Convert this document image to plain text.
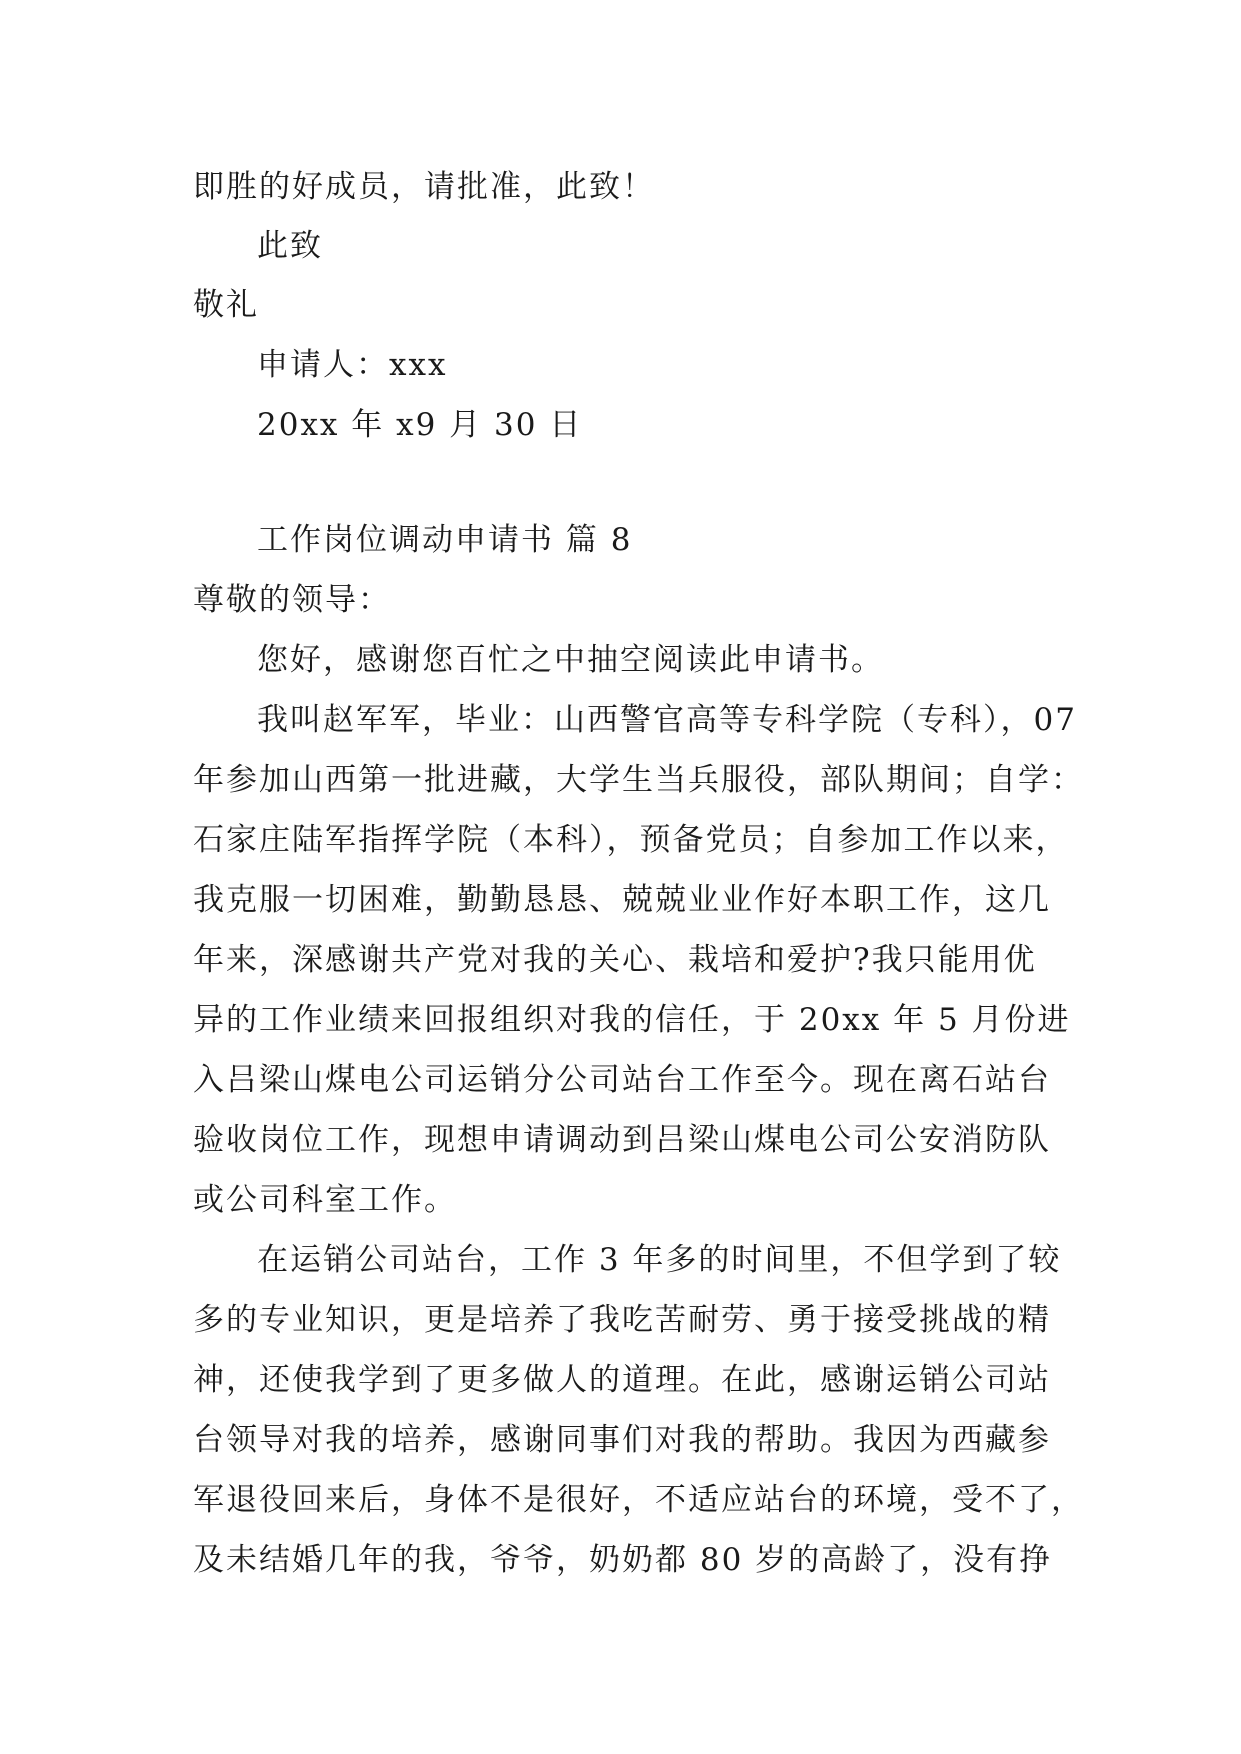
即胜的好成员，请批准，此致！
此致
敬礼
申请人：xxx
20xx 年 x9 月 30 日
工作岗位调动申请书 篇 8
尊敬的领导：
您好，感谢您百忙之中抽空阅读此申请书。
我叫赵军军，毕业：山西警官高等专科学院（专科），07
年参加山西第一批进藏，大学生当兵服役，部队期间；自学：
石家庄陆军指挥学院（本科），预备党员；自参加工作以来，
我克服一切困难，勤勤恳恳、兢兢业业作好本职工作，这几
年来，深感谢共产党对我的关心、栽培和爱护?我只能用优
异的工作业绩来回报组织对我的信任，于 20xx 年 5 月份进
入吕梁山煤电公司运销分公司站台工作至今。现在离石站台
验收岗位工作，现想申请调动到吕梁山煤电公司公安消防队
或公司科室工作。
在运销公司站台，工作 3 年多的时间里，不但学到了较
多的专业知识，更是培养了我吃苦耐劳、勇于接受挑战的精
神，还使我学到了更多做人的道理。在此，感谢运销公司站
台领导对我的培养，感谢同事们对我的帮助。我因为西藏参
军退役回来后，身体不是很好，不适应站台的环境，受不了，
及未结婚几年的我，爷爷，奶奶都 80 岁的高龄了，没有挣
